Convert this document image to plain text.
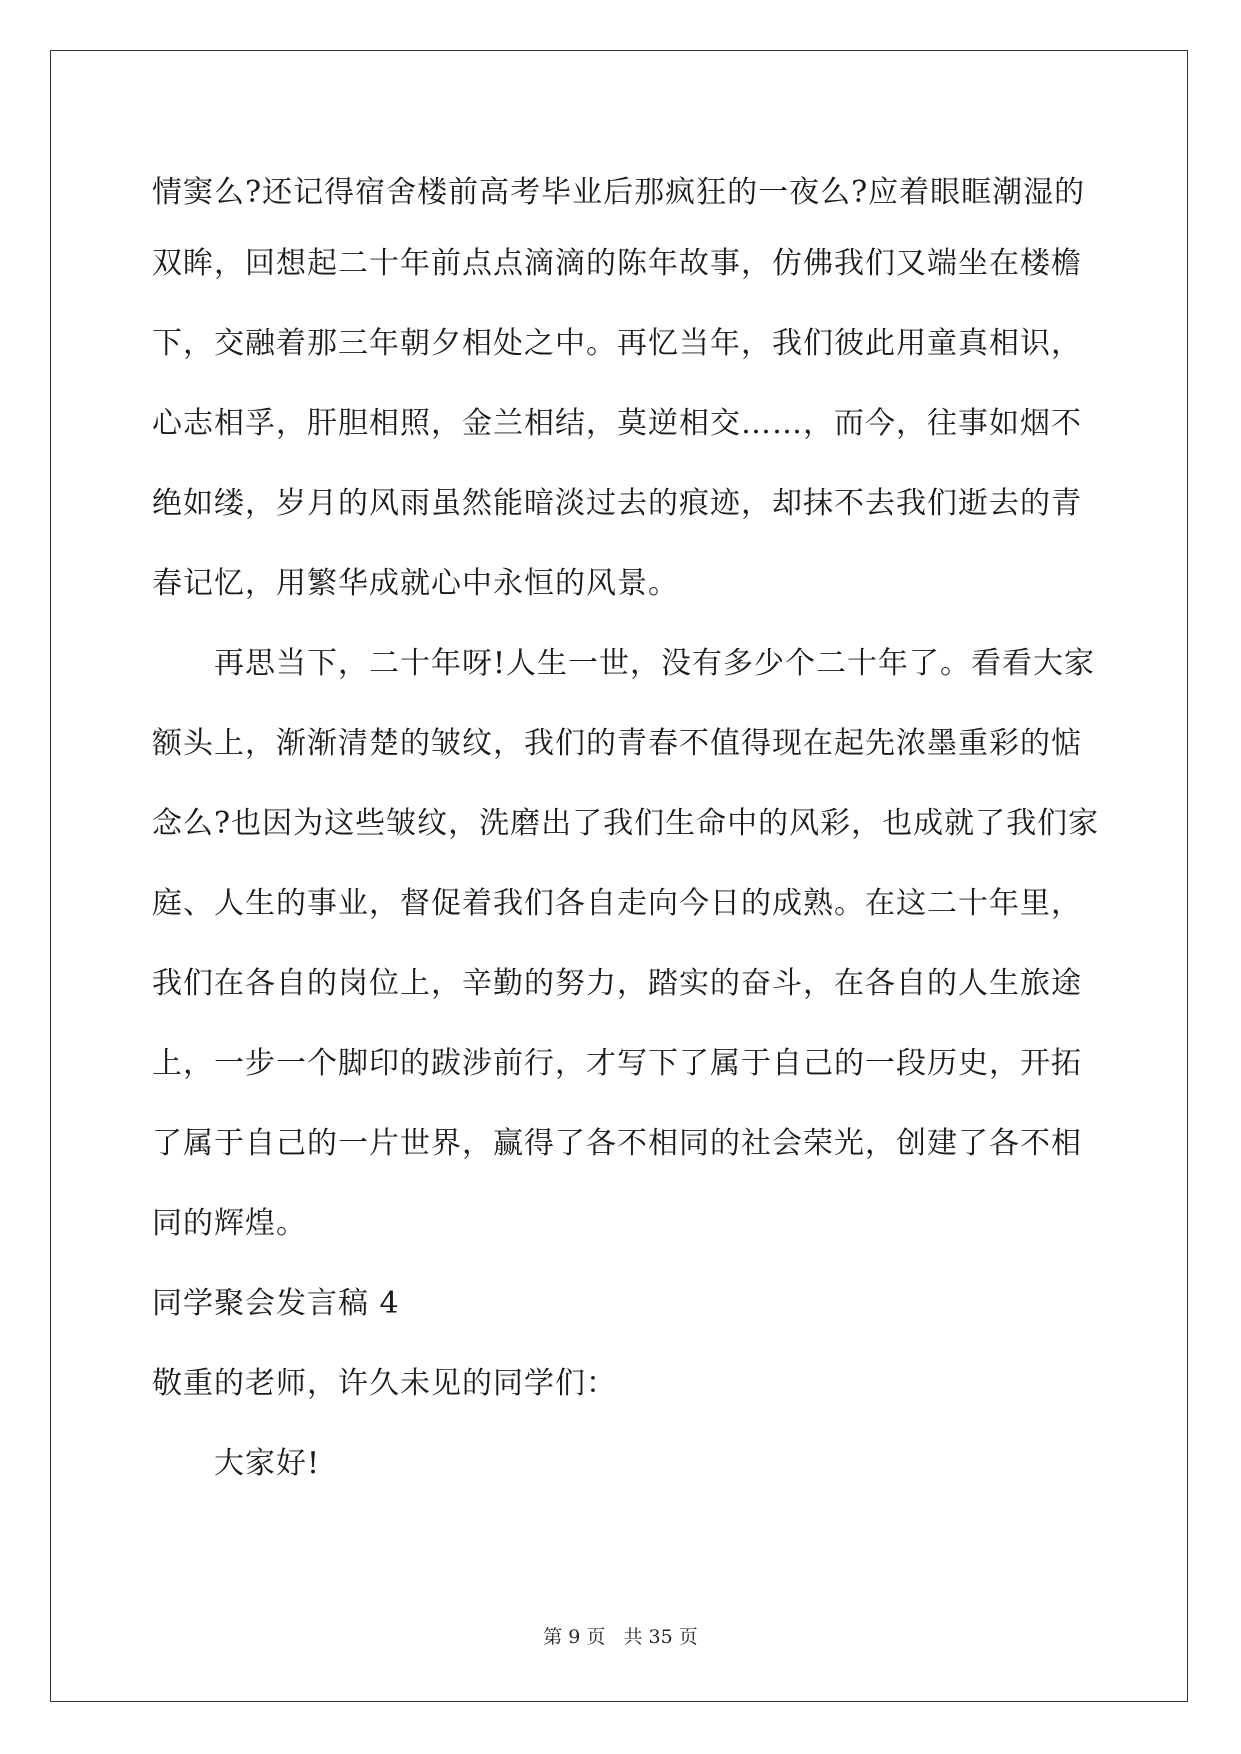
情窦么?还记得宿舍楼前高考毕业后那疯狂的一夜么?应着眼眶潮湿的

双眸，回想起二十年前点点滴滴的陈年故事，仿佛我们又端坐在楼檐

下，交融着那三年朝夕相处之中。再忆当年，我们彼此用童真相识，

心志相孚，肝胆相照，金兰相结，莫逆相交……，而今，往事如烟不

绝如缕，岁月的风雨虽然能暗淡过去的痕迹，却抹不去我们逝去的青

春记忆，用繁华成就心中永恒的风景。

再思当下，二十年呀!人生一世，没有多少个二十年了。看看大家

额头上，渐渐清楚的皱纹，我们的青春不值得现在起先浓墨重彩的惦

念么?也因为这些皱纹，洗磨出了我们生命中的风彩，也成就了我们家

庭、人生的事业，督促着我们各自走向今日的成熟。在这二十年里，

我们在各自的岗位上，辛勤的努力，踏实的奋斗，在各自的人生旅途

上，一步一个脚印的跋涉前行，才写下了属于自己的一段历史，开拓

了属于自己的一片世界，赢得了各不相同的社会荣光，创建了各不相

同的辉煌。

同学聚会发言稿 4

敬重的老师，许久未见的同学们：

大家好!

第 9 页 共 35 页
